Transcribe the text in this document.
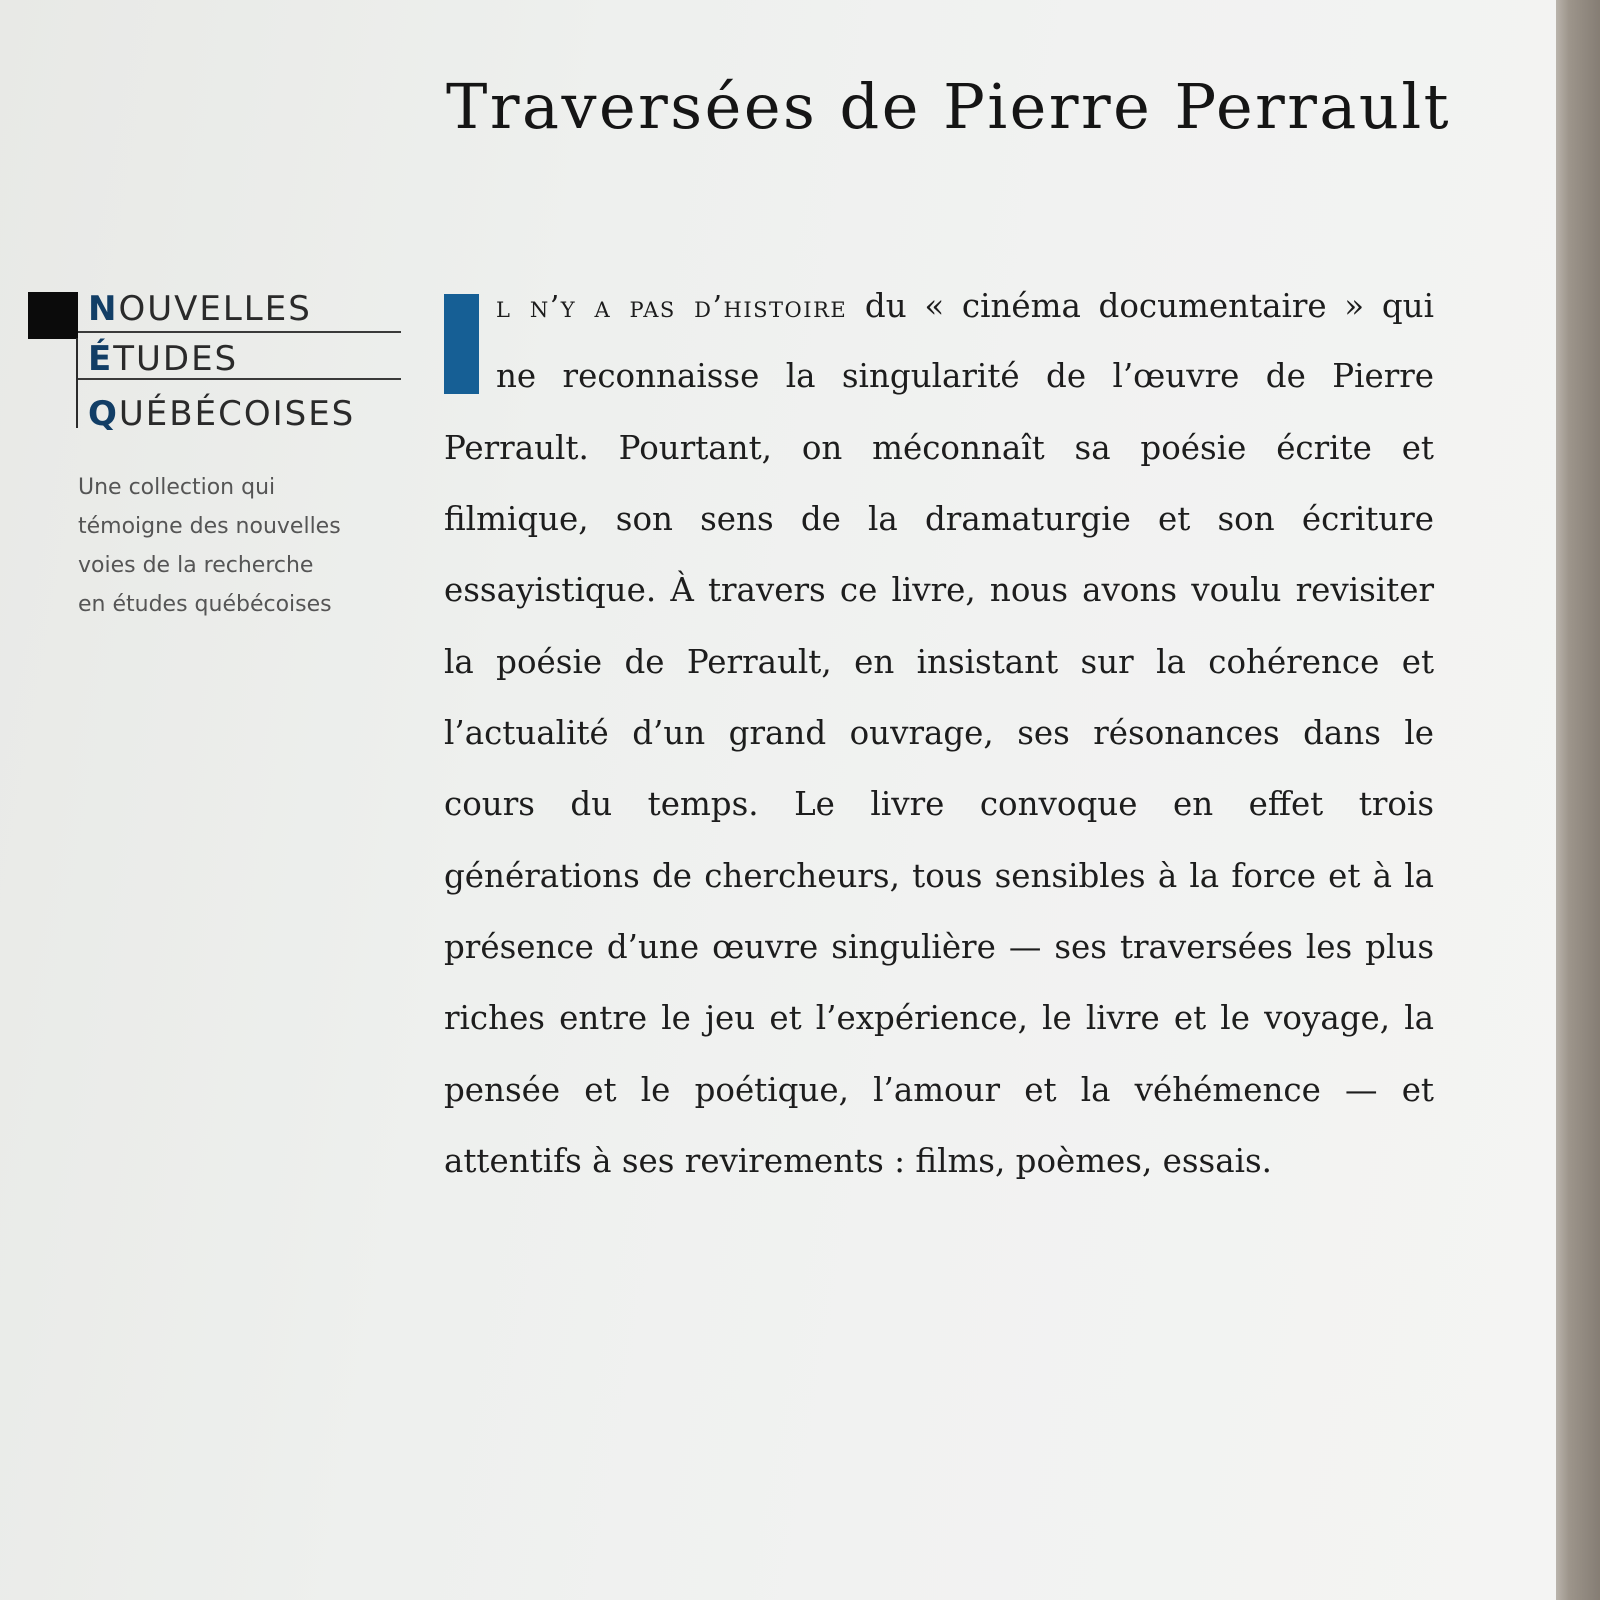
Traversées de Pierre Perrault
NOUVELLES
ÉTUDES
QUÉBÉCOISES

Une collection qui
témoigne des nouvelles
voies de la recherche
en études québécoises

l n’y a pas d’histoire du « cinéma documentaire » qui
ne reconnaisse la singularité de l’œuvre de Pierre
Perrault. Pourtant, on méconnaît sa poésie écrite et
filmique, son sens de la dramaturgie et son écriture
essayistique. À travers ce livre, nous avons voulu revisiter
la poésie de Perrault, en insistant sur la cohérence et
l’actualité d’un grand ouvrage, ses résonances dans le
cours du temps. Le livre convoque en effet trois
générations de chercheurs, tous sensibles à la force et à la
présence d’une œuvre singulière — ses traversées les plus
riches entre le jeu et l’expérience, le livre et le voyage, la
pensée et le poétique, l’amour et la véhémence — et
attentifs à ses revirements : films, poèmes, essais.
